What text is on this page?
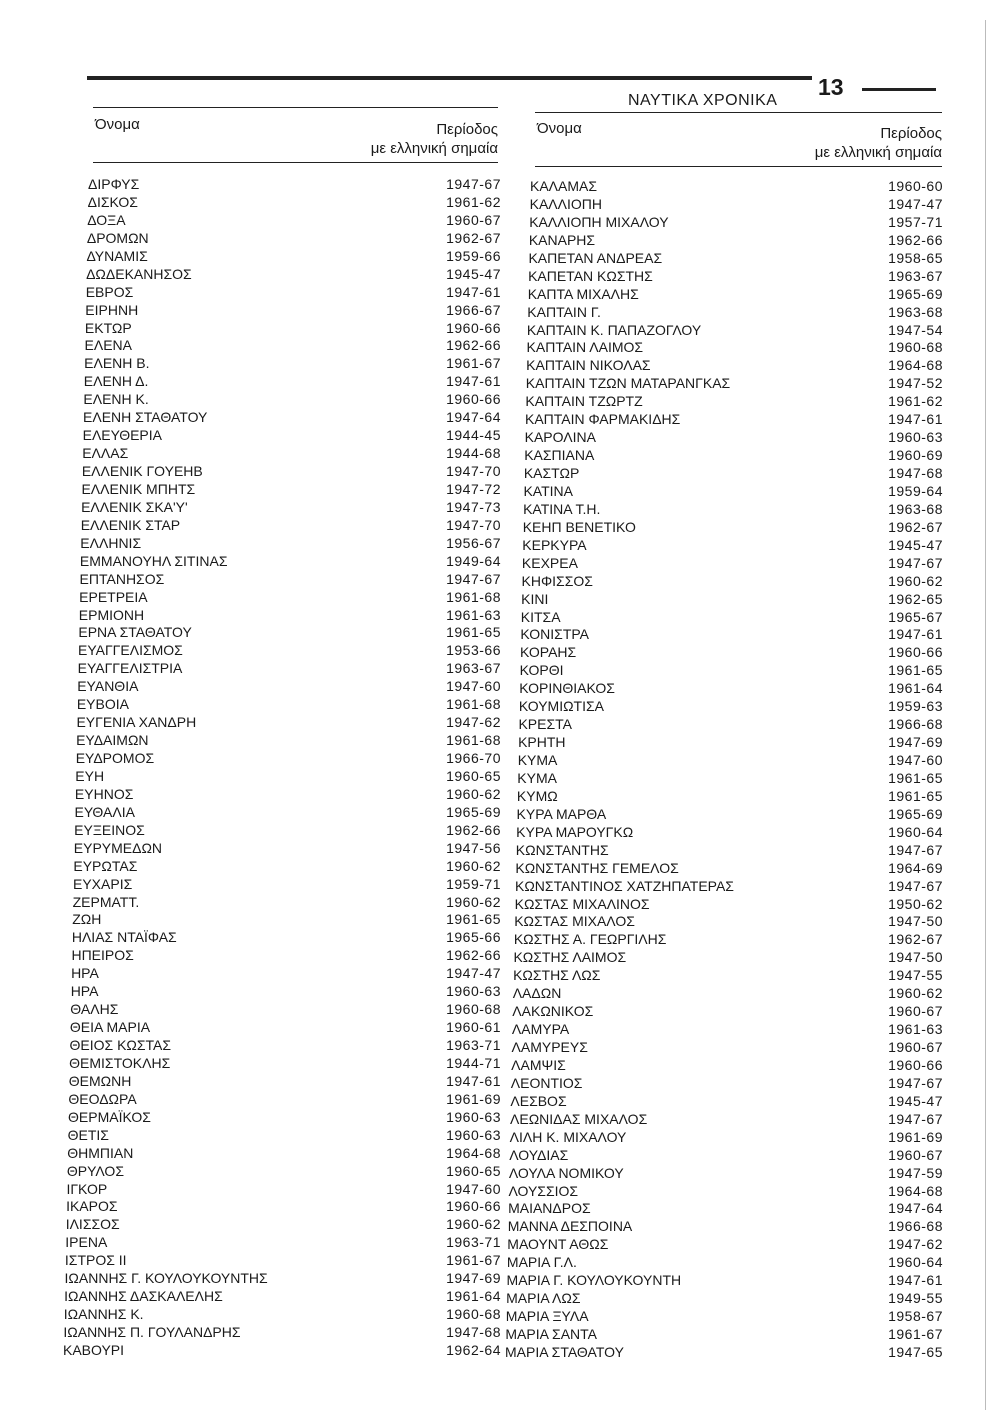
ΝΑΥΤΙΚΑ ΧΡΟΝΙΚΑ
13
Όνομα	Περίοδος
με ελληνική σημαία
Όνομα	Περίοδος
με ελληνική σημαία
ΔΙΡΦΥΣ	1947-67
ΔΙΣΚΟΣ	1961-62
ΔΟΞΑ	1960-67
ΔΡΟΜΩΝ	1962-67
ΔΥΝΑΜΙΣ	1959-66
ΔΩΔΕΚΑΝΗΣΟΣ	1945-47
ΕΒΡΟΣ	1947-61
ΕΙΡΗΝΗ	1966-67
ΕΚΤΩΡ	1960-66
ΕΛΕΝΑ	1962-66
ΕΛΕΝΗ Β.	1961-67
ΕΛΕΝΗ Δ.	1947-61
ΕΛΕΝΗ Κ.	1960-66
ΕΛΕΝΗ ΣΤΑΘΑΤΟΥ	1947-64
ΕΛΕΥΘΕΡΙΑ	1944-45
ΕΛΛΑΣ	1944-68
ΕΛΛΕΝΙΚ ΓΟΥΕΗΒ	1947-70
ΕΛΛΕΝΙΚ ΜΠΗΤΣ	1947-72
ΕΛΛΕΝΙΚ ΣΚΑ'Υ'	1947-73
ΕΛΛΕΝΙΚ ΣΤΑΡ	1947-70
ΕΛΛΗΝΙΣ	1956-67
ΕΜΜΑΝΟΥΗΛ ΣΙΤΙΝΑΣ	1949-64
ΕΠΤΑΝΗΣΟΣ	1947-67
ΕΡΕΤΡΕΙΑ	1961-68
ΕΡΜΙΟΝΗ	1961-63
ΕΡΝΑ ΣΤΑΘΑΤΟΥ	1961-65
ΕΥΑΓΓΕΛΙΣΜΟΣ	1953-66
ΕΥΑΓΓΕΛΙΣΤΡΙΑ	1963-67
ΕΥΑΝΘΙΑ	1947-60
ΕΥΒΟΙΑ	1961-68
ΕΥΓΕΝΙΑ ΧΑΝΔΡΗ	1947-62
ΕΥΔΑΙΜΩΝ	1961-68
ΕΥΔΡΟΜΟΣ	1966-70
ΕΥΗ	1960-65
ΕΥΗΝΟΣ	1960-62
ΕΥΘΑΛΙΑ	1965-69
ΕΥΞΕΙΝΟΣ	1962-66
ΕΥΡΥΜΕΔΩΝ	1947-56
ΕΥΡΩΤΑΣ	1960-62
ΕΥΧΑΡΙΣ	1959-71
ΖΕΡΜΑΤΤ.	1960-62
ΖΩΗ	1961-65
ΗΛΙΑΣ ΝΤΑΪΦΑΣ	1965-66
ΗΠΕΙΡΟΣ	1962-66
ΗΡΑ	1947-47
ΗΡΑ	1960-63
ΘΑΛΗΣ	1960-68
ΘΕΙΑ ΜΑΡΙΑ	1960-61
ΘΕΙΟΣ ΚΩΣΤΑΣ	1963-71
ΘΕΜΙΣΤΟΚΛΗΣ	1944-71
ΘΕΜΩΝΗ	1947-61
ΘΕΟΔΩΡΑ	1961-69
ΘΕΡΜΑΪΚΟΣ	1960-63
ΘΕΤΙΣ	1960-63
ΘΗΜΠΙΑΝ	1964-68
ΘΡΥΛΟΣ	1960-65
ΙΓΚΟΡ	1947-60
ΙΚΑΡΟΣ	1960-66
ΙΛΙΣΣΟΣ	1960-62
ΙΡΕΝΑ	1963-71
ΙΣΤΡΟΣ ΙΙ	1961-67
ΙΩΑΝΝΗΣ Γ. ΚΟΥΛΟΥΚΟΥΝΤΗΣ	1947-69
ΙΩΑΝΝΗΣ ΔΑΣΚΑΛΕΛΗΣ	1961-64
ΙΩΑΝΝΗΣ Κ.	1960-68
ΙΩΑΝΝΗΣ Π. ΓΟΥΛΑΝΔΡΗΣ	1947-68
ΚΑΒΟΥΡΙ	1962-64
ΚΑΛΑΜΑΣ	1960-60
ΚΑΛΛΙΟΠΗ	1947-47
ΚΑΛΛΙΟΠΗ ΜΙΧΑΛΟΥ	1957-71
ΚΑΝΑΡΗΣ	1962-66
ΚΑΠΕΤΑΝ ΑΝΔΡΕΑΣ	1958-65
ΚΑΠΕΤΑΝ ΚΩΣΤΗΣ	1963-67
ΚΑΠΤΑ ΜΙΧΑΛΗΣ	1965-69
ΚΑΠΤΑΙΝ Γ.	1963-68
ΚΑΠΤΑΙΝ Κ. ΠΑΠΑΖΟΓΛΟΥ	1947-54
ΚΑΠΤΑΙΝ ΛΑΙΜΟΣ	1960-68
ΚΑΠΤΑΙΝ ΝΙΚΟΛΑΣ	1964-68
ΚΑΠΤΑΙΝ ΤΖΩΝ ΜΑΤΑΡΑΝΓΚΑΣ	1947-52
ΚΑΠΤΑΙΝ ΤΖΩΡΤΖ	1961-62
ΚΑΠΤΑΙΝ ΦΑΡΜΑΚΙΔΗΣ	1947-61
ΚΑΡΟΛΙΝΑ	1960-63
ΚΑΣΠΙΑΝΑ	1960-69
ΚΑΣΤΩΡ	1947-68
ΚΑΤΙΝΑ	1959-64
ΚΑΤΙΝΑ Τ.Η.	1963-68
ΚΕΗΠ ΒΕΝΕΤΙΚΟ	1962-67
ΚΕΡΚΥΡΑ	1945-47
ΚΕΧΡΕΑ	1947-67
ΚΗΦΙΣΣΟΣ	1960-62
ΚΙΝΙ	1962-65
ΚΙΤΣΑ	1965-67
ΚΟΝΙΣΤΡΑ	1947-61
ΚΟΡΑΗΣ	1960-66
ΚΟΡΘΙ	1961-65
ΚΟΡΙΝΘΙΑΚΟΣ	1961-64
ΚΟΥΜΙΩΤΙΣΑ	1959-63
ΚΡΕΣΤΑ	1966-68
ΚΡΗΤΗ	1947-69
ΚΥΜΑ	1947-60
ΚΥΜΑ	1961-65
ΚΥΜΩ	1961-65
ΚΥΡΑ ΜΑΡΘΑ	1965-69
ΚΥΡΑ ΜΑΡΟΥΓΚΩ	1960-64
ΚΩΝΣΤΑΝΤΗΣ	1947-67
ΚΩΝΣΤΑΝΤΗΣ ΓΕΜΕΛΟΣ	1964-69
ΚΩΝΣΤΑΝΤΙΝΟΣ ΧΑΤΖΗΠΑΤΕΡΑΣ	1947-67
ΚΩΣΤΑΣ ΜΙΧΑΛΙΝΟΣ	1950-62
ΚΩΣΤΑΣ ΜΙΧΑΛΟΣ	1947-50
ΚΩΣΤΗΣ Α. ΓΕΩΡΓΙΛΗΣ	1962-67
ΚΩΣΤΗΣ ΛΑΙΜΟΣ	1947-50
ΚΩΣΤΗΣ ΛΩΣ	1947-55
ΛΑΔΩΝ	1960-62
ΛΑΚΩΝΙΚΟΣ	1960-67
ΛΑΜΥΡΑ	1961-63
ΛΑΜΥΡΕΥΣ	1960-67
ΛΑΜΨΙΣ	1960-66
ΛΕΟΝΤΙΟΣ	1947-67
ΛΕΣΒΟΣ	1945-47
ΛΕΩΝΙΔΑΣ ΜΙΧΑΛΟΣ	1947-67
ΛΙΛΗ Κ. ΜΙΧΑΛΟΥ	1961-69
ΛΟΥΔΙΑΣ	1960-67
ΛΟΥΛΑ ΝΟΜΙΚΟΥ	1947-59
ΛΟΥΣΣΙΟΣ	1964-68
ΜΑΙΑΝΔΡΟΣ	1947-64
ΜΑΝΝΑ ΔΕΣΠΟΙΝΑ	1966-68
ΜΑΟΥΝΤ ΑΘΩΣ	1947-62
ΜΑΡΙΑ Γ.Λ.	1960-64
ΜΑΡΙΑ Γ. ΚΟΥΛΟΥΚΟΥΝΤΗ	1947-61
ΜΑΡΙΑ ΛΩΣ	1949-55
ΜΑΡΙΑ ΞΥΛΑ	1958-67
ΜΑΡΙΑ ΣΑΝΤΑ	1961-67
ΜΑΡΙΑ ΣΤΑΘΑΤΟΥ	1947-65
